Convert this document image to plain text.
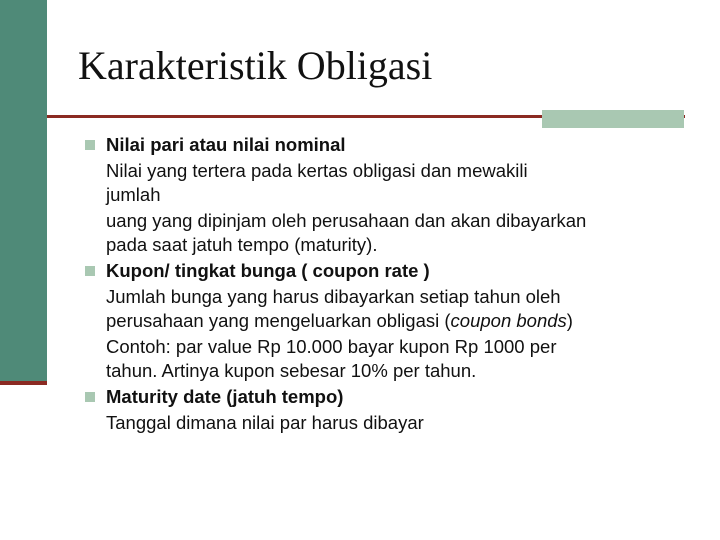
Karakteristik Obligasi
Nilai pari atau nilai nominal
Nilai yang tertera pada kertas obligasi dan mewakili
jumlah
uang yang dipinjam oleh perusahaan dan akan dibayarkan
pada saat jatuh tempo (maturity).
Kupon/ tingkat bunga ( coupon rate )
Jumlah bunga yang harus dibayarkan setiap tahun oleh
perusahaan yang mengeluarkan obligasi (coupon bonds)
Contoh: par value Rp 10.000 bayar kupon Rp 1000 per
tahun. Artinya kupon sebesar 10% per tahun.
Maturity date (jatuh tempo)
Tanggal dimana nilai par harus dibayar
